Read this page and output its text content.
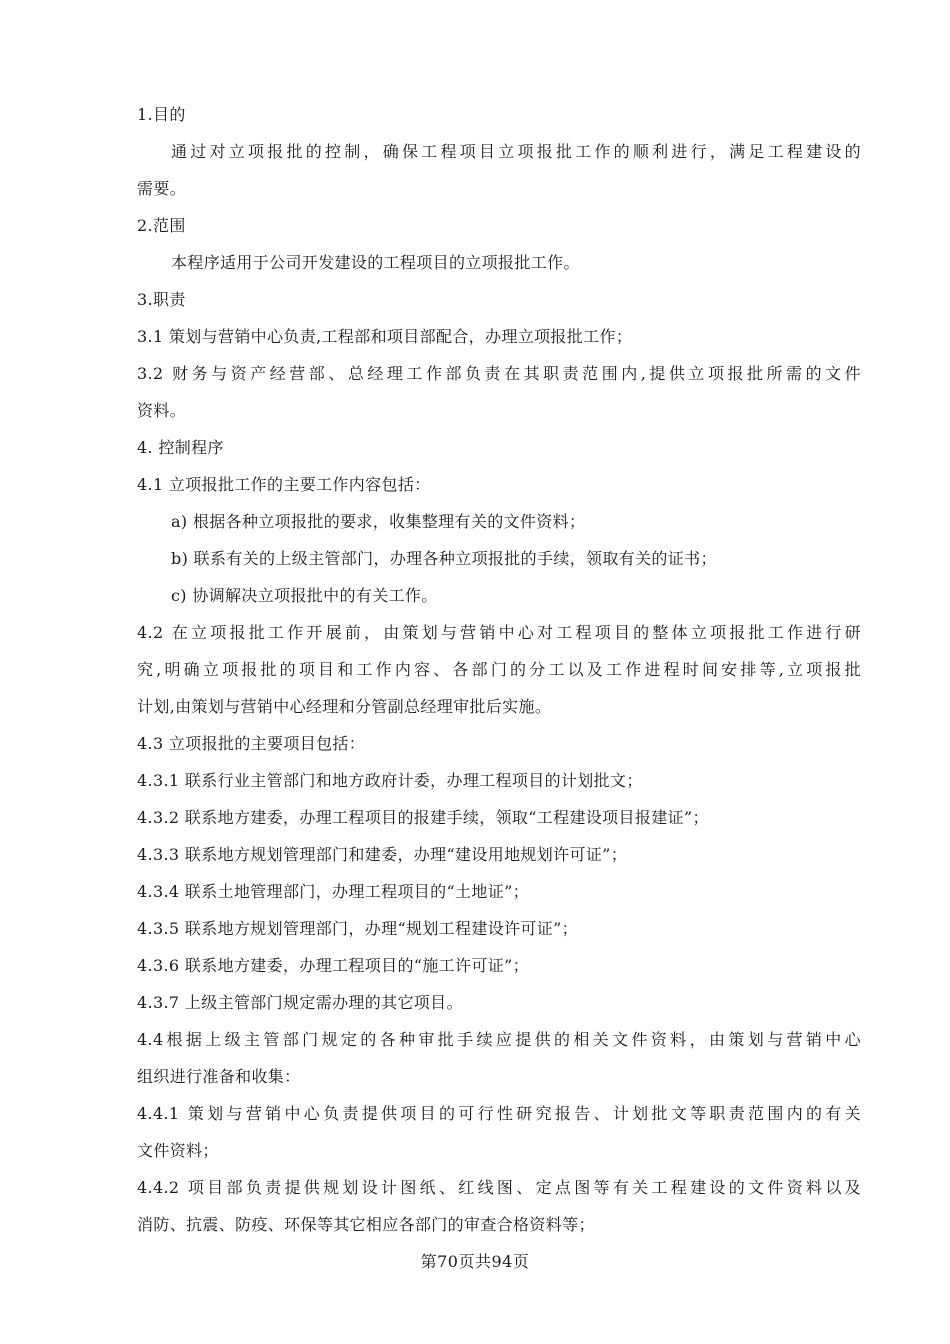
1.目的
通过对立项报批的控制，确保工程项目立项报批工作的顺利进行，满足工程建设的
需要。
2.范围
本程序适用于公司开发建设的工程项目的立项报批工作。
3.职责
3.1 策划与营销中心负责,工程部和项目部配合，办理立项报批工作；
3.2 财务与资产经营部、总经理工作部负责在其职责范围内,提供立项报批所需的文件
资料。
4. 控制程序
4.1 立项报批工作的主要工作内容包括：
a) 根据各种立项报批的要求，收集整理有关的文件资料；
b) 联系有关的上级主管部门，办理各种立项报批的手续，领取有关的证书；
c) 协调解决立项报批中的有关工作。
4.2 在立项报批工作开展前，由策划与营销中心对工程项目的整体立项报批工作进行研
究,明确立项报批的项目和工作内容、各部门的分工以及工作进程时间安排等,立项报批
计划,由策划与营销中心经理和分管副总经理审批后实施。
4.3 立项报批的主要项目包括：
4.3.1 联系行业主管部门和地方政府计委，办理工程项目的计划批文；
4.3.2 联系地方建委，办理工程项目的报建手续，领取“工程建设项目报建证”；
4.3.3 联系地方规划管理部门和建委，办理“建设用地规划许可证”；
4.3.4 联系土地管理部门，办理工程项目的“土地证”；
4.3.5 联系地方规划管理部门，办理“规划工程建设许可证”；
4.3.6 联系地方建委，办理工程项目的“施工许可证”；
4.3.7 上级主管部门规定需办理的其它项目。
4.4根据上级主管部门规定的各种审批手续应提供的相关文件资料，由策划与营销中心
组织进行准备和收集：
4.4.1 策划与营销中心负责提供项目的可行性研究报告、计划批文等职责范围内的有关
文件资料；
4.4.2 项目部负责提供规划设计图纸、红线图、定点图等有关工程建设的文件资料以及
消防、抗震、防疫、环保等其它相应各部门的审查合格资料等；
第70页共94页
